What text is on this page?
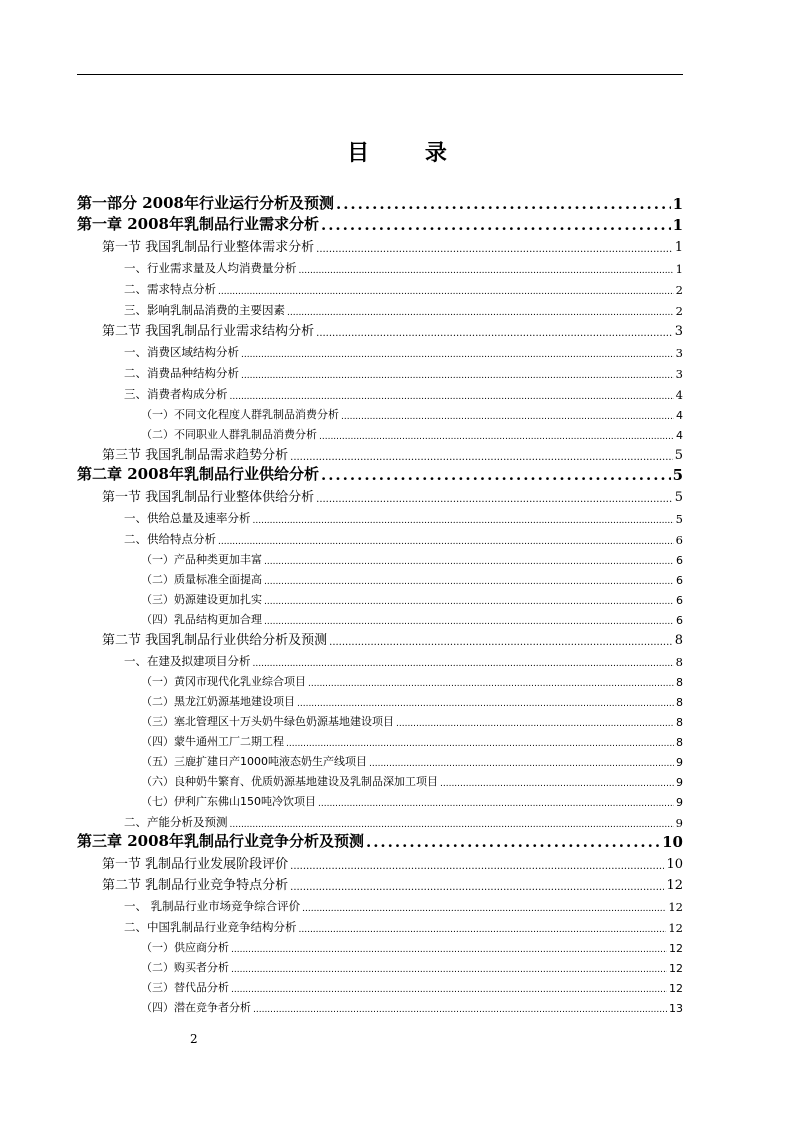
目 录
第一部分 2008年行业运行分析及预测 .....	1
第一章 2008年乳制品行业需求分析 .....	1
第一节 我国乳制品行业整体需求分析 .....	1
一、行业需求量及人均消费量分析 .....	1
二、需求特点分析 .....	2
三、影响乳制品消费的主要因素 .....	2
第二节 我国乳制品行业需求结构分析 .....	3
一、消费区域结构分析 .....	3
二、消费品种结构分析 .....	3
三、消费者构成分析 .....	4
（一）不同文化程度人群乳制品消费分析 .....	4
（二）不同职业人群乳制品消费分析 .....	4
第三节 我国乳制品需求趋势分析 .....	5
第二章 2008年乳制品行业供给分析 .....	5
第一节 我国乳制品行业整体供给分析 .....	5
一、供给总量及速率分析 .....	5
二、供给特点分析 .....	6
（一）产品种类更加丰富 .....	6
（二）质量标准全面提高 .....	6
（三）奶源建设更加扎实 .....	6
（四）乳品结构更加合理 .....	6
第二节 我国乳制品行业供给分析及预测 .....	8
一、在建及拟建项目分析 .....	8
（一）黄冈市现代化乳业综合项目 .....	8
（二）黑龙江奶源基地建设项目 .....	8
（三）塞北管理区十万头奶牛绿色奶源基地建设项目 .....	8
（四）蒙牛通州工厂二期工程 .....	8
（五）三鹿扩建日产1000吨液态奶生产线项目 .....	9
（六）良种奶牛繁育、优质奶源基地建设及乳制品深加工项目 .....	9
（七）伊利广东佛山150吨冷饮项目 .....	9
二、产能分析及预测 .....	9
第三章 2008年乳制品行业竞争分析及预测 .....	10
第一节 乳制品行业发展阶段评价 .....	10
第二节 乳制品行业竞争特点分析 .....	12
一、 乳制品行业市场竞争综合评价 .....	12
二、中国乳制品行业竞争结构分析 .....	12
（一）供应商分析 .....	12
（二）购买者分析 .....	12
（三）替代品分析 .....	12
（四）潜在竞争者分析 .....	13
2
